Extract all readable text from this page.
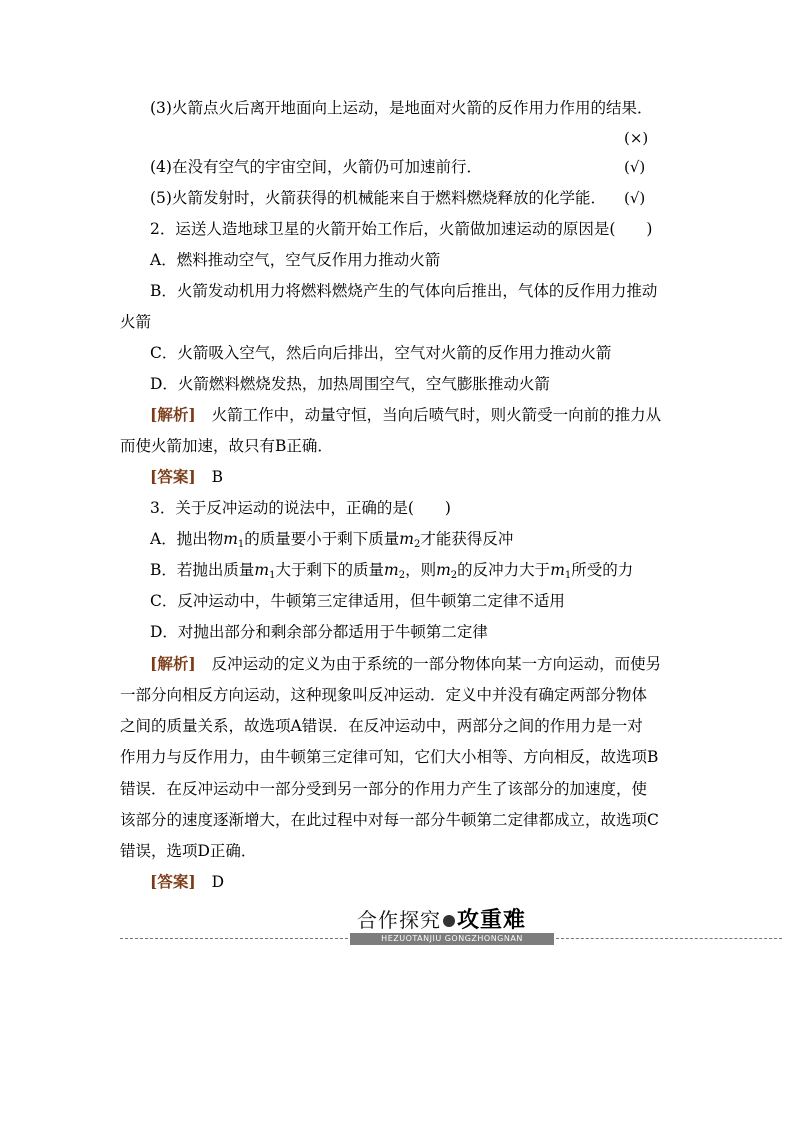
(3)火箭点火后离开地面向上运动，是地面对火箭的反作用力作用的结果．
(×)
(4)在没有空气的宇宙空间，火箭仍可加速前行．	(√)
(5)火箭发射时，火箭获得的机械能来自于燃料燃烧释放的化学能． (√)
2．运送人造地球卫星的火箭开始工作后，火箭做加速运动的原因是(　　)
A．燃料推动空气，空气反作用力推动火箭
B．火箭发动机用力将燃料燃烧产生的气体向后推出，气体的反作用力推动
火箭
C．火箭吸入空气，然后向后排出，空气对火箭的反作用力推动火箭
D．火箭燃料燃烧发热，加热周围空气，空气膨胀推动火箭
[解析] 火箭工作中，动量守恒，当向后喷气时，则火箭受一向前的推力从
而使火箭加速，故只有B正确．
[答案] B
3．关于反冲运动的说法中，正确的是(　　)
A．抛出物$m_1$的质量要小于剩下质量$m_2$才能获得反冲
B．若抛出质量$m_1$大于剩下的质量$m_2$，则$m_2$的反冲力大于$m_1$所受的力
C．反冲运动中，牛顿第三定律适用，但牛顿第二定律不适用
D．对抛出部分和剩余部分都适用于牛顿第二定律
[解析] 反冲运动的定义为由于系统的一部分物体向某一方向运动，而使另
一部分向相反方向运动，这种现象叫反冲运动．定义中并没有确定两部分物体
之间的质量关系，故选项A错误．在反冲运动中，两部分之间的作用力是一对
作用力与反作用力，由牛顿第三定律可知，它们大小相等、方向相反，故选项B
错误．在反冲运动中一部分受到另一部分的作用力产生了该部分的加速度，使
该部分的速度逐渐增大，在此过程中对每一部分牛顿第二定律都成立，故选项C
错误，选项D正确．
[答案] D
合作探究 攻重难
HEZUOTANJIU GONGZHONGNAN
